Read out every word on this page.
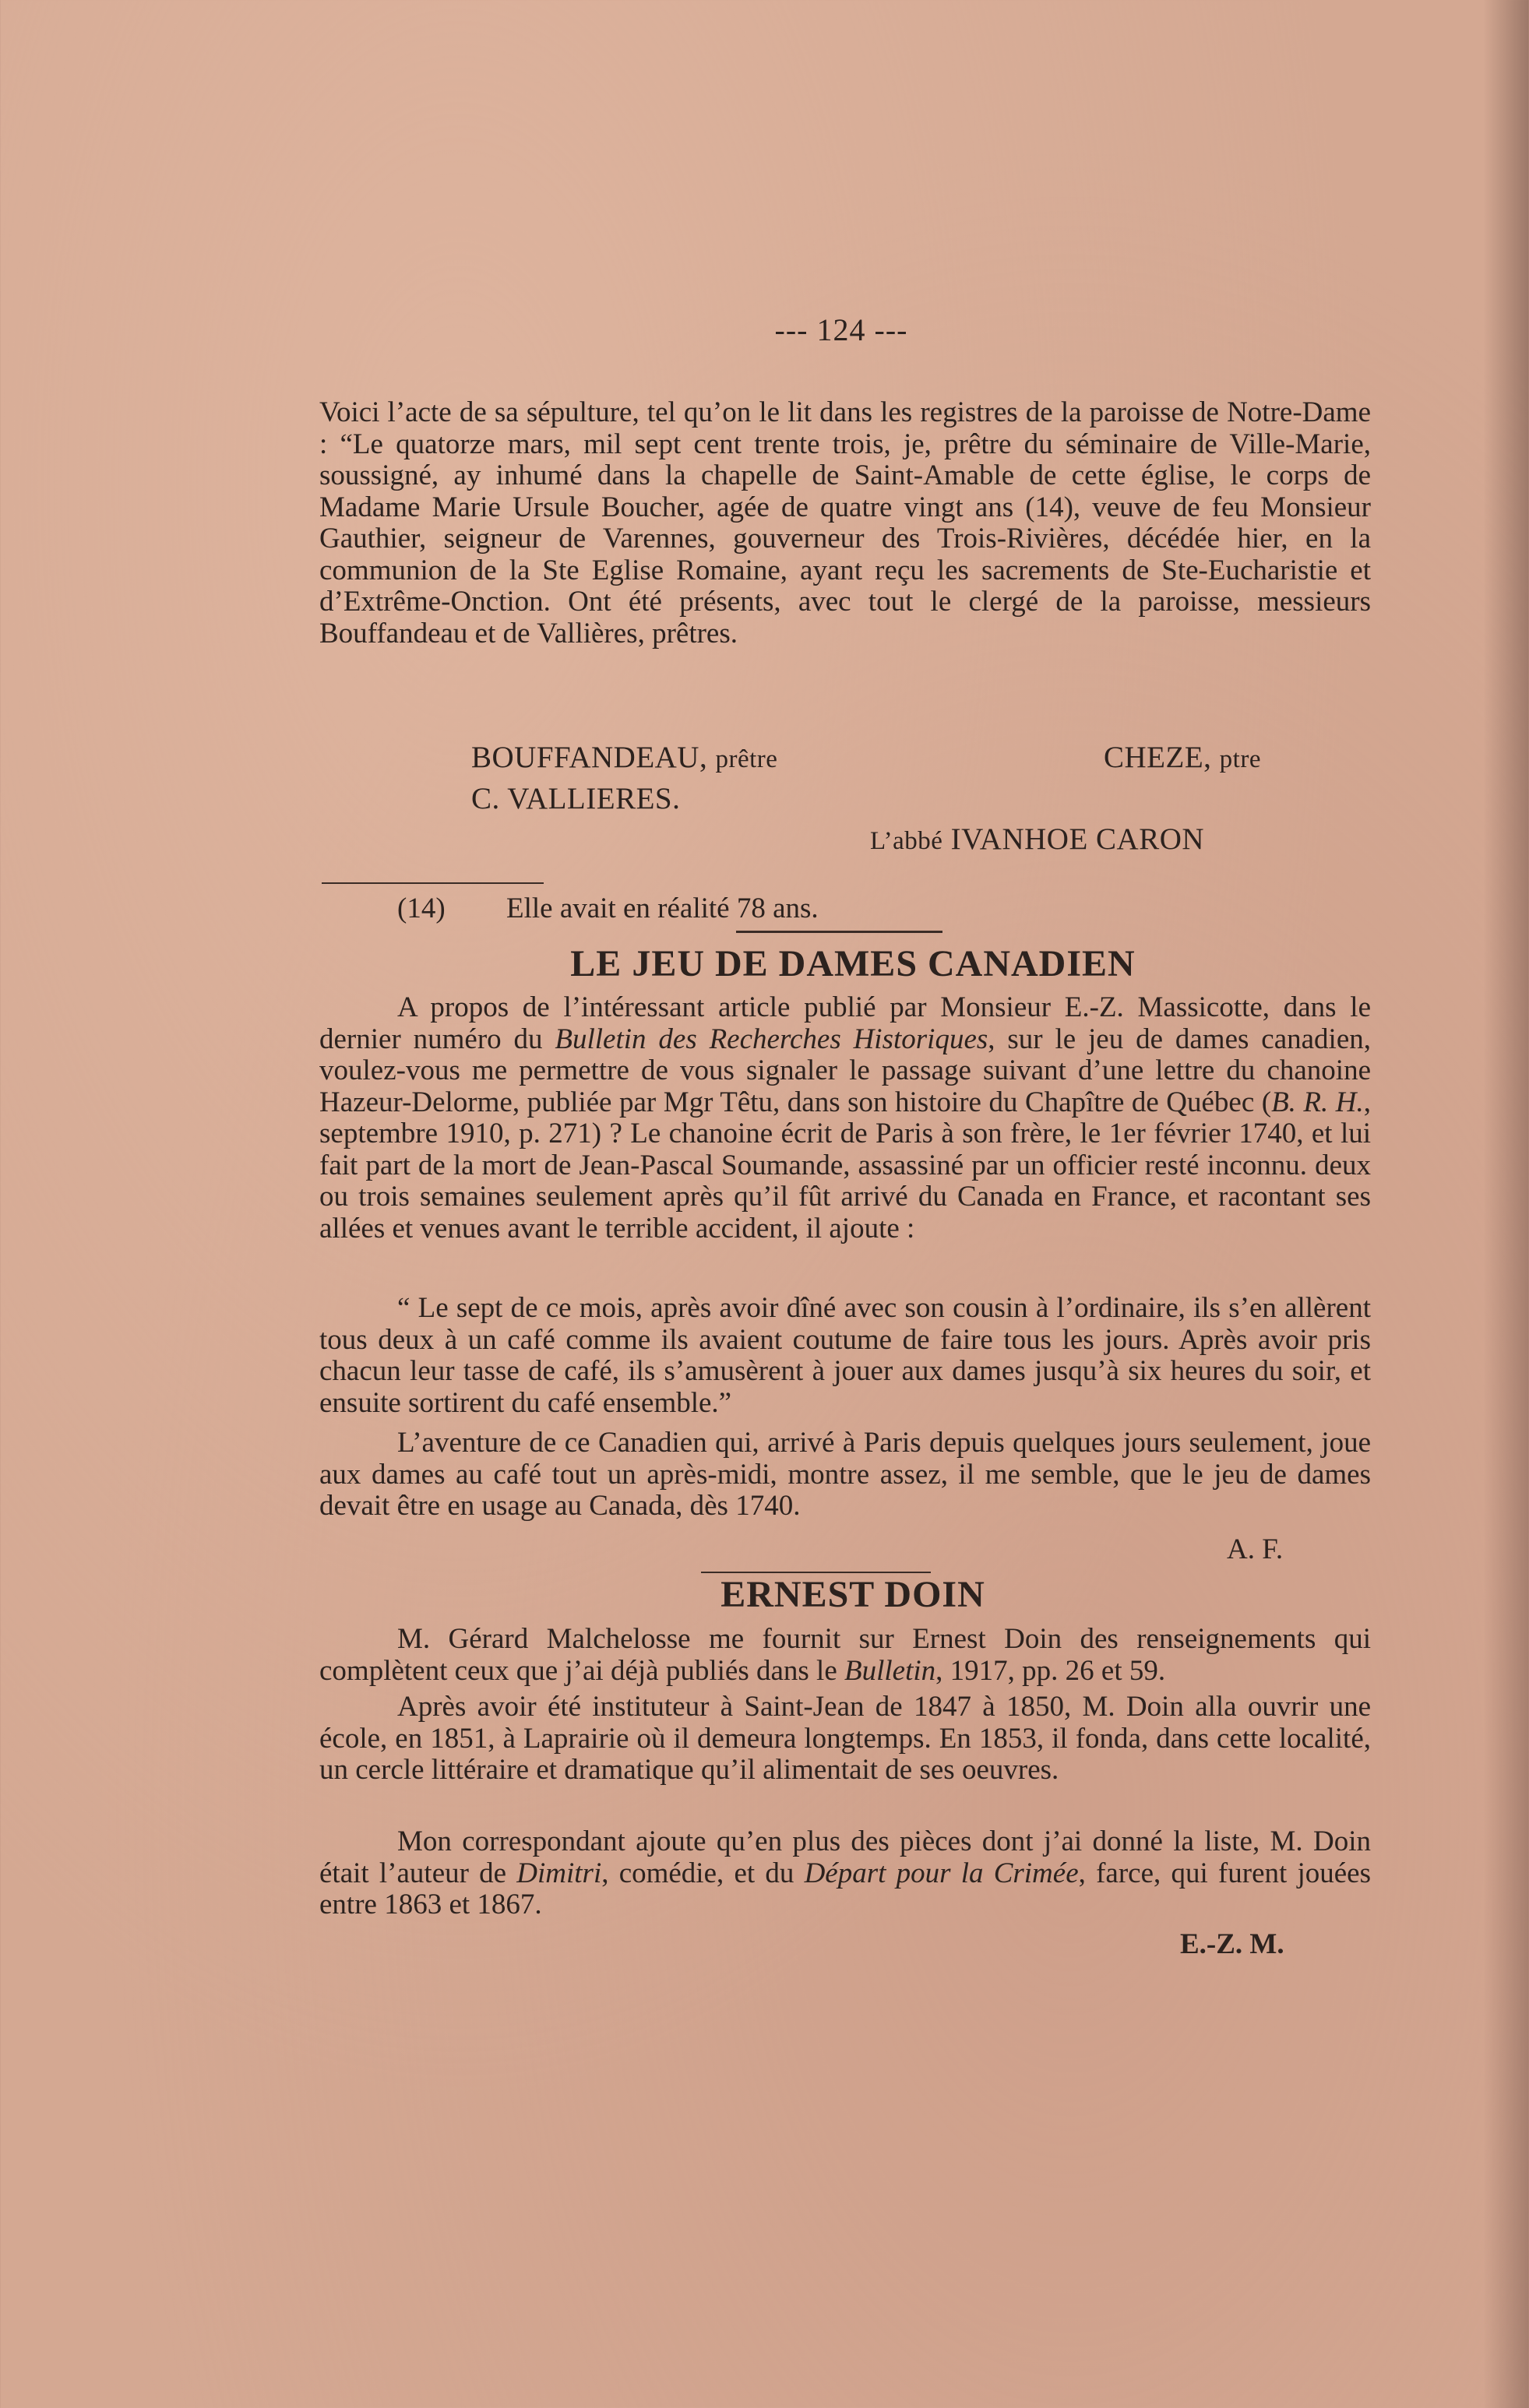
--- 124 ---
Voici l’acte de sa sépulture, tel qu’on le lit dans les registres de la paroisse de Notre-Dame : “Le quatorze mars, mil sept cent trente trois, je, prêtre du séminaire de Ville-Marie, soussigné, ay inhumé dans la chapelle de Saint-Amable de cette église, le corps de Madame Marie Ursule Boucher, agée de quatre vingt ans (14), veuve de feu Monsieur Gauthier, seigneur de Varennes, gouverneur des Trois-Rivières, décédée hier, en la communion de la Ste Eglise Romaine, ayant reçu les sacrements de Ste-Eucharistie et d’Extrême-Onction. Ont été présents, avec tout le clergé de la paroisse, messieurs Bouffandeau et de Vallières, prêtres.
BOUFFANDEAU, prêtre	CHEZE, ptre
C. VALLIERES.
L’abbé IVANHOE CARON
(14) Elle avait en réalité 78 ans.
LE JEU DE DAMES CANADIEN
A propos de l’intéressant article publié par Monsieur E.-Z. Massicotte, dans le dernier numéro du Bulletin des Recherches Historiques, sur le jeu de dames canadien, voulez-vous me permettre de vous signaler le passage suivant d’une lettre du chanoine Hazeur-Delorme, publiée par Mgr Têtu, dans son histoire du Chapître de Québec (B. R. H., septembre 1910, p. 271) ? Le chanoine écrit de Paris à son frère, le 1er février 1740, et lui fait part de la mort de Jean-Pascal Soumande, assassiné par un officier resté inconnu. deux ou trois semaines seulement après qu’il fût arrivé du Canada en France, et racontant ses allées et venues avant le terrible accident, il ajoute :
“ Le sept de ce mois, après avoir dîné avec son cousin à l’ordinaire, ils s’en allèrent tous deux à un café comme ils avaient coutume de faire tous les jours. Après avoir pris chacun leur tasse de café, ils s’amusèrent à jouer aux dames jusqu’à six heures du soir, et ensuite sortirent du café ensemble.”
L’aventure de ce Canadien qui, arrivé à Paris depuis quelques jours seulement, joue aux dames au café tout un après-midi, montre assez, il me semble, que le jeu de dames devait être en usage au Canada, dès 1740.
A. F.
ERNEST DOIN
M. Gérard Malchelosse me fournit sur Ernest Doin des renseignements qui complètent ceux que j’ai déjà publiés dans le Bulletin, 1917, pp. 26 et 59.
Après avoir été instituteur à Saint-Jean de 1847 à 1850, M. Doin alla ouvrir une école, en 1851, à Laprairie où il demeura longtemps. En 1853, il fonda, dans cette localité, un cercle littéraire et dramatique qu’il alimentait de ses oeuvres.
Mon correspondant ajoute qu’en plus des pièces dont j’ai donné la liste, M. Doin était l’auteur de Dimitri, comédie, et du Départ pour la Crimée, farce, qui furent jouées entre 1863 et 1867.
E.-Z. M.
